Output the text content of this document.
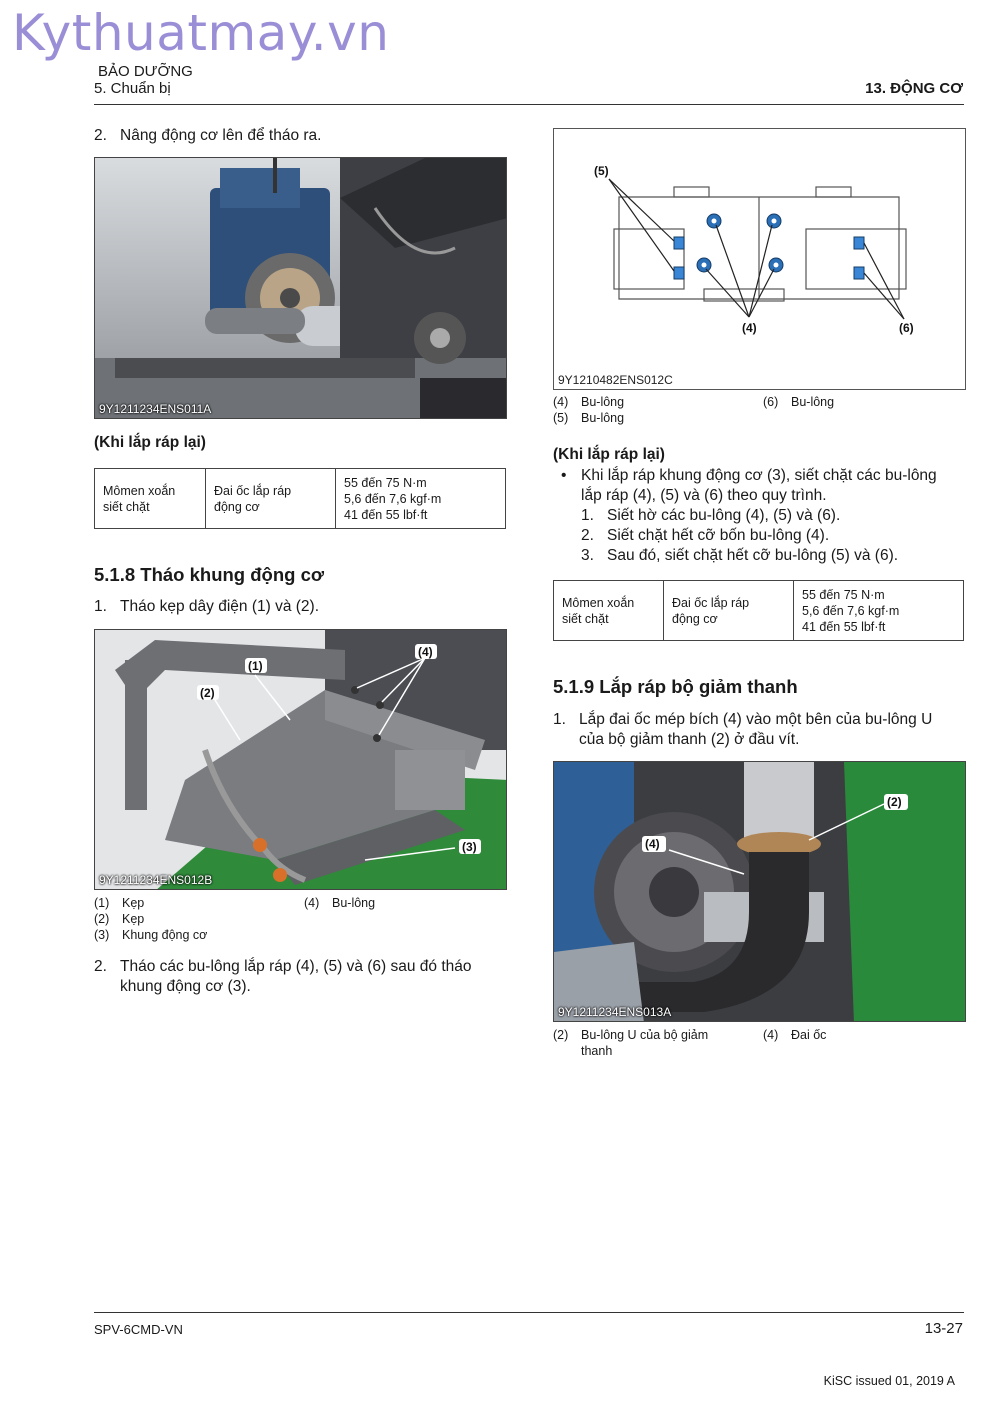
Kythuatmay.vn
BẢO DƯỠNG
5. Chuẩn bị	13. ĐỘNG CƠ
2. Nâng động cơ lên để tháo ra.
9Y1211234ENS011A
(Khi lắp ráp lại)
Mômen xoắn
siết chặt

Đai ốc lắp ráp
động cơ

55 đến 75 N·m
5,6 đến 7,6 kgf·m
41 đến 55 lbf·ft
5.1.8 Tháo khung động cơ
1. Tháo kẹp dây điện (1) và (2).
(1)
(2)
(3)
(4)
9Y1211234ENS012B
(1) Kẹp	(4) Bu-lông
(2) Kẹp
(3) Khung động cơ
2. Tháo các bu-lông lắp ráp (4), (5) và (6) sau đó tháo
khung động cơ (3).
(5)
(4)	(6)
9Y1210482ENS012C
(4) Bu-lông	(6) Bu-lông
(5) Bu-lông
(Khi lắp ráp lại)
• Khi lắp ráp khung động cơ (3), siết chặt các bu-lông
lắp ráp (4), (5) và (6) theo quy trình.
1. Siết hờ các bu-lông (4), (5) và (6).
2. Siết chặt hết cỡ bốn bu-lông (4).
3. Sau đó, siết chặt hết cỡ bu-lông (5) và (6).
Mômen xoắn
siết chặt

Đai ốc lắp ráp
động cơ

55 đến 75 N·m
5,6 đến 7,6 kgf·m
41 đến 55 lbf·ft
5.1.9 Lắp ráp bộ giảm thanh
1. Lắp đai ốc mép bích (4) vào một bên của bu-lông U
của bộ giảm thanh (2) ở đầu vít.
(2)
(4)
9Y1211234ENS013A
(2) Bu-lông U của bộ giảm	(4) Đai ốc
thanh
SPV-6CMD-VN	13-27
KiSC issued 01, 2019 A
